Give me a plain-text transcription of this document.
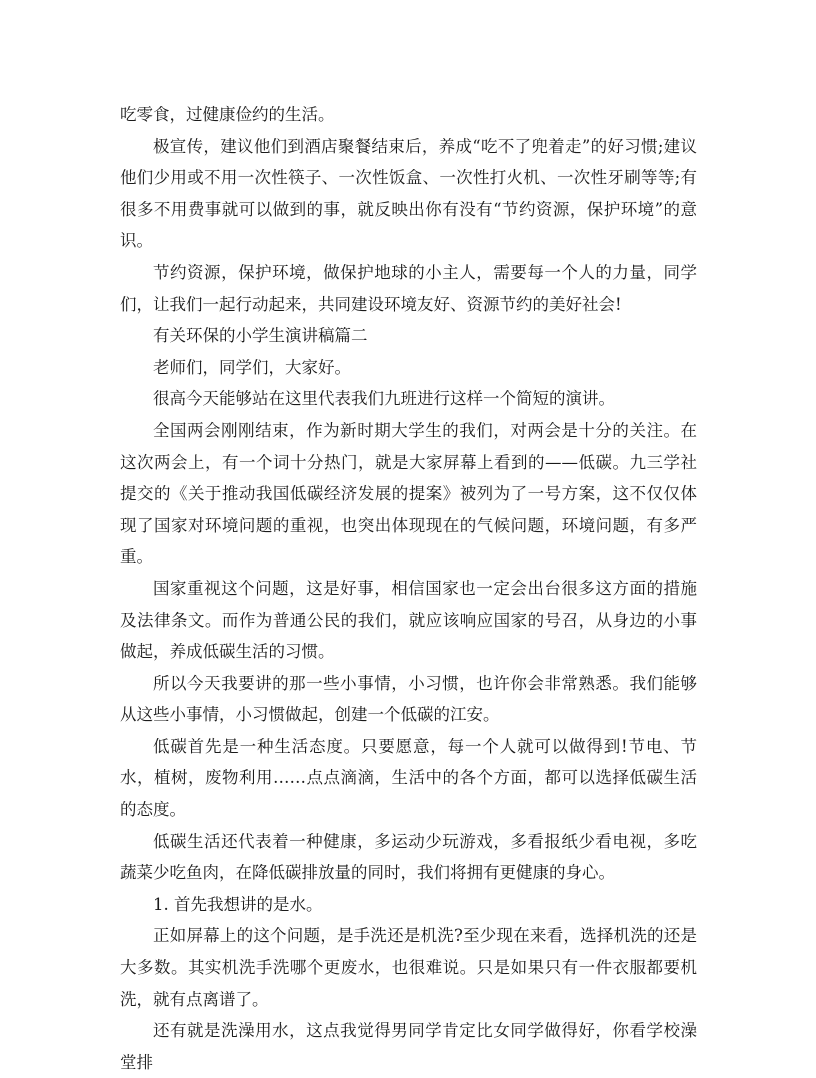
吃零食，过健康俭约的生活。

极宣传，建议他们到酒店聚餐结束后，养成“吃不了兜着走”的好习惯;建议他们少用或不用一次性筷子、一次性饭盒、一次性打火机、一次性牙刷等等;有很多不用费事就可以做到的事，就反映出你有没有“节约资源，保护环境”的意识。

节约资源，保护环境，做保护地球的小主人，需要每一个人的力量，同学们，让我们一起行动起来，共同建设环境友好、资源节约的美好社会!

有关环保的小学生演讲稿篇二

老师们，同学们，大家好。

很高今天能够站在这里代表我们九班进行这样一个简短的演讲。

全国两会刚刚结束，作为新时期大学生的我们，对两会是十分的关注。在这次两会上，有一个词十分热门，就是大家屏幕上看到的——低碳。九三学社提交的《关于推动我国低碳经济发展的提案》被列为了一号方案，这不仅仅体现了国家对环境问题的重视，也突出体现现在的气候问题，环境问题，有多严重。

国家重视这个问题，这是好事，相信国家也一定会出台很多这方面的措施及法律条文。而作为普通公民的我们，就应该响应国家的号召，从身边的小事做起，养成低碳生活的习惯。

所以今天我要讲的那一些小事情，小习惯，也许你会非常熟悉。我们能够从这些小事情，小习惯做起，创建一个低碳的江安。

低碳首先是一种生活态度。只要愿意，每一个人就可以做得到!节电、节水，植树，废物利用……点点滴滴，生活中的各个方面，都可以选择低碳生活的态度。

低碳生活还代表着一种健康，多运动少玩游戏，多看报纸少看电视，多吃蔬菜少吃鱼肉，在降低碳排放量的同时，我们将拥有更健康的身心。

1. 首先我想讲的是水。

正如屏幕上的这个问题，是手洗还是机洗?至少现在来看，选择机洗的还是大多数。其实机洗手洗哪个更废水，也很难说。只是如果只有一件衣服都要机洗，就有点离谱了。

还有就是洗澡用水，这点我觉得男同学肯定比女同学做得好，你看学校澡堂排
